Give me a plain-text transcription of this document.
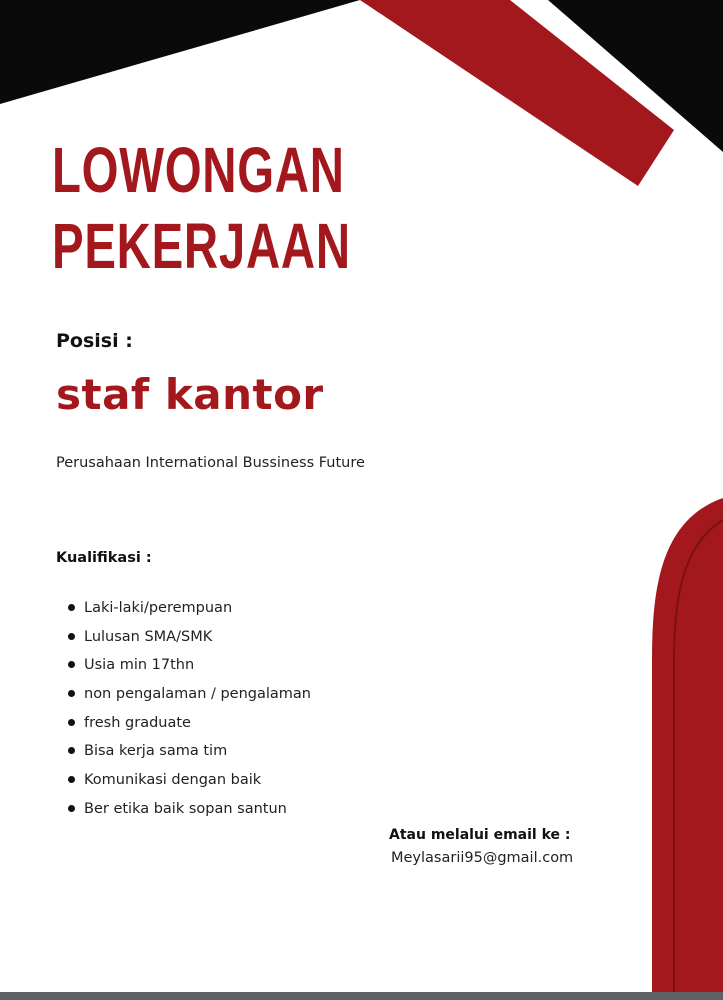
LOWONGAN
PEKERJAAN
Posisi :
staf kantor
Perusahaan International Bussiness Future
Kualifikasi :
Laki-laki/perempuan
Lulusan SMA/SMK
Usia min 17thn
non pengalaman / pengalaman
fresh graduate
Bisa kerja sama tim
Komunikasi dengan baik
Ber etika baik sopan santun
Atau melalui email ke :
Meylasarii95@gmail.com
